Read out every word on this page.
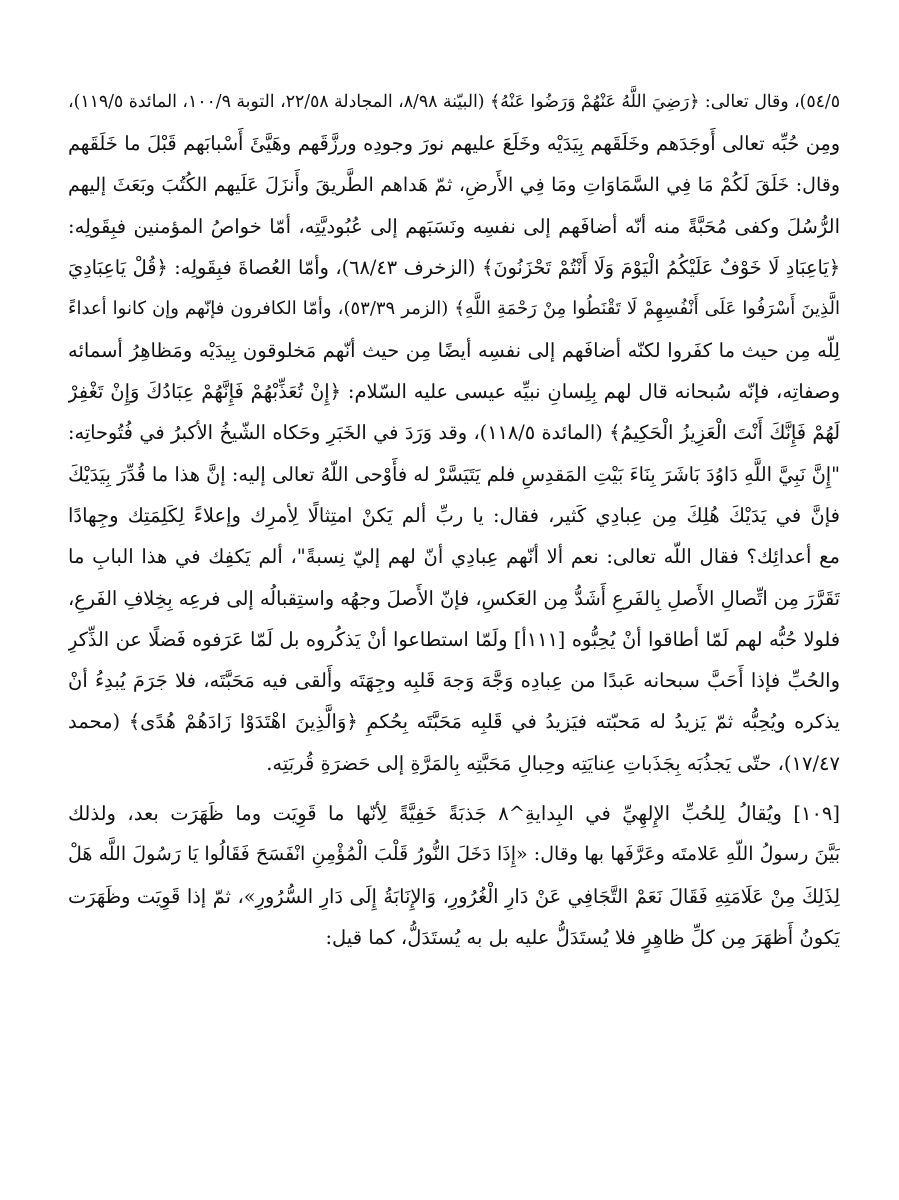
٥٤/٥)، وقال تعالى: ﴿رَضِيَ اللَّهُ عَنْهُمْ وَرَضُوا عَنْهُ﴾ (البيّنة ٨/٩٨، المجادلة ٢٢/٥٨، التوبة ١٠٠/٩، المائدة ١١٩/٥)،
ومِن حُبِّه تعالى أَوجَدَهم وخَلَقَهم بِيَدَيْه وخَلَعَ عليهم نورَ وجودِه ورزَّقَهم وهَيَّئَ أَسْبابَهم قَبْلَ ما خَلَقَهم
وقال: خَلَقَ لَكُمْ مَا فِي السَّمَاوَاتِ ومَا فِي الأَرضِ، ثمّ هَداهم الطَّريقَ وأَنزَلَ عَلَيهم الكُتُبَ وبَعَثَ إليهم
الرُّسُلَ وكفى مُحَبَّةً منه أنّه أضافَهم إلى نفسِه ونَسَبَهم إلى عُبُوديَّتِه، أمّا خواصُ المؤمنين فبِقَولِه:
﴿يَاعِبَادِ لَا خَوْفٌ عَلَيْكُمُ الْيَوْمَ وَلَا أَنْتُمْ تَحْزَنُونَ﴾ (الزخرف ٦٨/٤٣)، وأمّا العُصاةَ فبِقَولِه: ﴿قُلْ يَاعِبَادِيَ
الَّذِينَ أَسْرَفُوا عَلَى أَنْفُسِهِمْ لَا تَقْنَطُوا مِنْ رَحْمَةِ اللَّهِ﴾ (الزمر ٥٣/٣٩)، وأمّا الكافرون فإنّهم وإن كانوا أعداءً
لِلّه مِن حيث ما كفَروا لكنّه أضافَهم إلى نفسِه أيضًا مِن حيث أنّهم مَخلوقون بِيدَيْه ومَظاهِرُ أسمائه
وصفاتِه، فإنّه سُبحانه قال لهم بِلِسانِ نبيِّه عيسى عليه السّلام: ﴿إِنْ تُعَذِّبْهُمْ فَإِنَّهُمْ عِبَادُكَ وَإِنْ تَغْفِرْ
لَهُمْ فَإِنَّكَ أَنْتَ الْعَزِيزُ الْحَكِيمُ﴾ (المائدة ١١٨/٥)، وقد وَرَدَ في الخَبَرِ وحَكاه الشّيخُ الأكبرُ في فُتُوحاتِه:
"إِنَّ نَبِيَّ اللَّهِ دَاوُدَ بَاشَرَ بِنَاءَ بَيْتِ المَقدِسِ فلم يَتَيَسَّرْ له فأَوْحى اللّهُ تعالى إليه: إنَّ هذا ما قُدِّرَ بِيَدَيْكَ
فإنَّ في يَدَيْكَ هُلِكَ مِن عِبادِي كَثير، فقال: يا ربِّ ألم يَكنْ امتِثالًا لِأمرِك وإعلاءً لِكَلِمَتِك وجِهادًا
مع أعدائِك؟ فقال اللّه تعالى: نعم ألا أنّهم عِبادِي أنّ لهم إليّ نِسبةً"، ألم يَكفِك في هذا البابِ ما
تَقَرَّرَ مِن اتِّصالِ الأَصلِ بِالفَرعِ أَشَدُّ مِن العَكسِ، فإنّ الأَصلَ وجهُه واستِقبالُه إلى فرعِه بِخِلافِ الفَرعِ،
فلولا حُبُّه لهم لَمّا أطاقوا أنْ يُحِبُّوه [١١١أ] ولَمّا استطاعوا أنْ يَذكُروه بل لَمّا عَرَفوه فَضلًا عن الذِّكرِ
والحُبِّ فإذا أَحَبَّ سبحانه عَبدًا من عِبادِه وَجَّهَ وَجهَ قَلبِه وجِهَتَه وأَلقى فيه مَحَبَّتَه، فلا جَرَمَ يُبدِءُ أنْ
يذكره ويُحِبُّه ثمّ يَزيدُ له مَحبّته فيَزيدُ في قَلبِه مَحَبَّتَه بِحُكمِ ﴿وَالَّذِينَ اهْتَدَوْا زَادَهُمْ هُدًى﴾ (محمد
١٧/٤٧)، حتّى يَجذُبَه بِجَذَباتِ عِنايَتِه وحِبالِ مَحَبَّتِه بِالمَرَّةِ إلى حَضرَةِ قُربَتِه.
[١٠٩] ويُقالُ لِلحُبِّ الإِلهِيِّ في البِدايةِ^٨ جَذبَةً خَفِيَّةً لِأنّها ما قَوِيَت وما ظَهَرَت بعد، ولذلك
بَيَّنَ رسولُ اللّهِ عَلامتَه وعَرَّفَها بها وقال: «إِذَا دَخَلَ النُّورُ قَلْبَ الْمُؤْمِنِ انْفَسَحَ فَقَالُوا يَا رَسُولَ اللَّه هَلْ
لِذَلِكَ مِنْ عَلَامَتِهِ فَقَالَ نَعَمْ التَّجَافِي عَنْ دَارِ الْغُرُورِ، وَالإِنَابَةُ إِلَى دَارِ السُّرُورِ»، ثمّ إذا قَوِيَت وظَهَرَت
يَكونُ أَظهَرَ مِن كلِّ ظاهِرٍ فلا يُستَدَلُّ عليه بل به يُستَدَلُّ، كما قيل:
